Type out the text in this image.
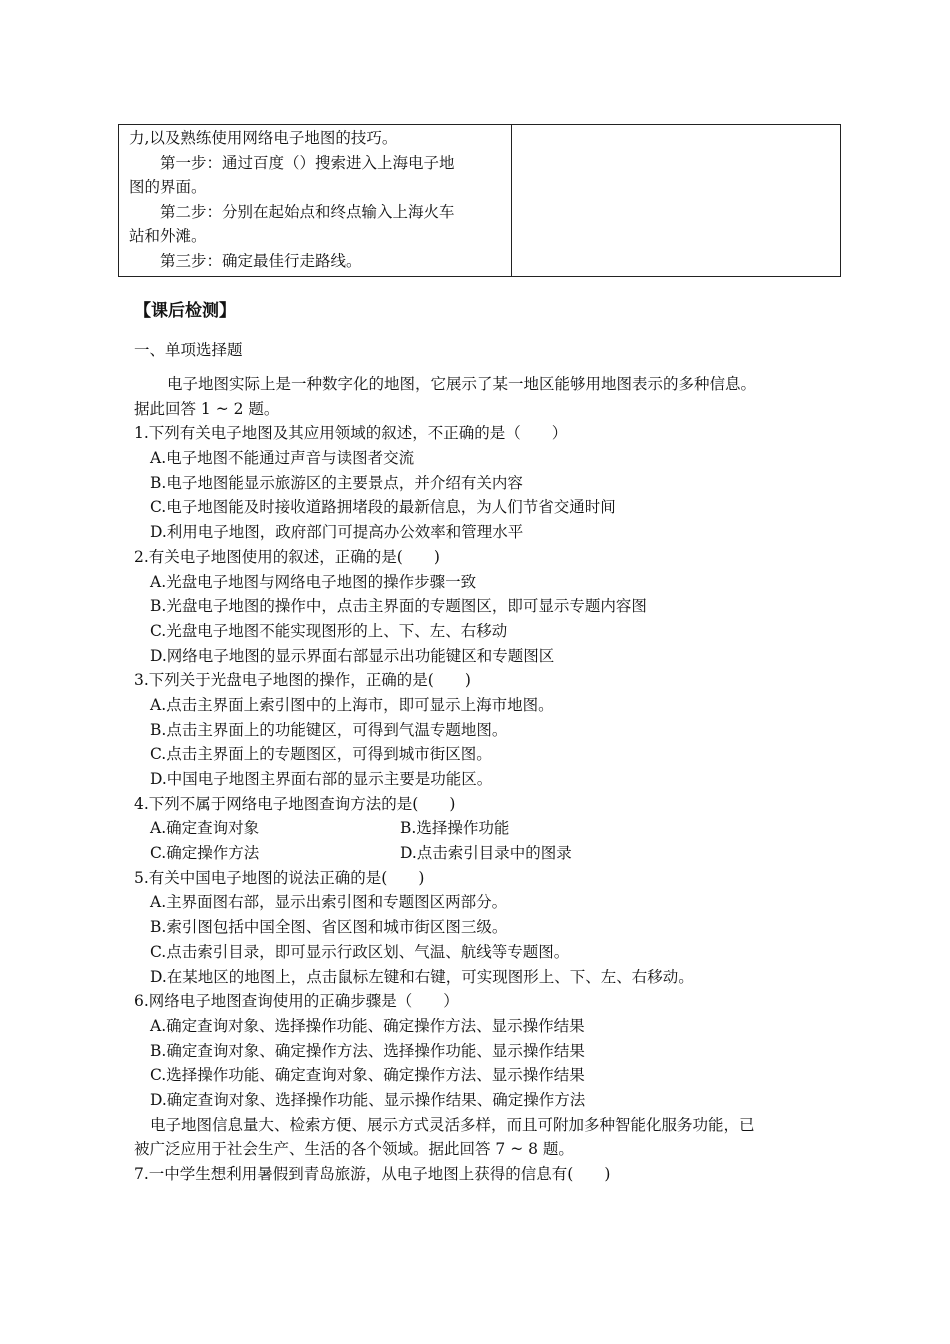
力,以及熟练使用网络电子地图的技巧。
第一步：通过百度（）搜索进入上海电子地
图的界面。
第二步：分别在起始点和终点输入上海火车
站和外滩。
第三步：确定最佳行走路线。

【课后检测】
一、单项选择题
电子地图实际上是一种数字化的地图，它展示了某一地区能够用地图表示的多种信息。
据此回答 1 ~ 2 题。
1.下列有关电子地图及其应用领域的叙述，不正确的是（　　）
A.电子地图不能通过声音与读图者交流
B.电子地图能显示旅游区的主要景点，并介绍有关内容
C.电子地图能及时接收道路拥堵段的最新信息，为人们节省交通时间
D.利用电子地图，政府部门可提高办公效率和管理水平
2.有关电子地图使用的叙述，正确的是(　　)
A.光盘电子地图与网络电子地图的操作步骤一致
B.光盘电子地图的操作中，点击主界面的专题图区，即可显示专题内容图
C.光盘电子地图不能实现图形的上、下、左、右移动
D.网络电子地图的显示界面右部显示出功能键区和专题图区
3.下列关于光盘电子地图的操作，正确的是(　　)
A.点击主界面上索引图中的上海市，即可显示上海市地图。
B.点击主界面上的功能键区，可得到气温专题地图。
C.点击主界面上的专题图区，可得到城市街区图。
D.中国电子地图主界面右部的显示主要是功能区。
4.下列不属于网络电子地图查询方法的是(　　)
A.确定查询对象	B.选择操作功能
C.确定操作方法	D.点击索引目录中的图录
5.有关中国电子地图的说法正确的是(　　)
A.主界面图右部，显示出索引图和专题图区两部分。
B.索引图包括中国全图、省区图和城市街区图三级。
C.点击索引目录，即可显示行政区划、气温、航线等专题图。
D.在某地区的地图上，点击鼠标左键和右键，可实现图形上、下、左、右移动。
6.网络电子地图查询使用的正确步骤是（　　）
A.确定查询对象、选择操作功能、确定操作方法、显示操作结果
B.确定查询对象、确定操作方法、选择操作功能、显示操作结果
C.选择操作功能、确定查询对象、确定操作方法、显示操作结果
D.确定查询对象、选择操作功能、显示操作结果、确定操作方法
电子地图信息量大、检索方便、展示方式灵活多样，而且可附加多种智能化服务功能，已
被广泛应用于社会生产、生活的各个领域。据此回答 7 ~ 8 题。
7.一中学生想利用暑假到青岛旅游，从电子地图上获得的信息有(　　)
